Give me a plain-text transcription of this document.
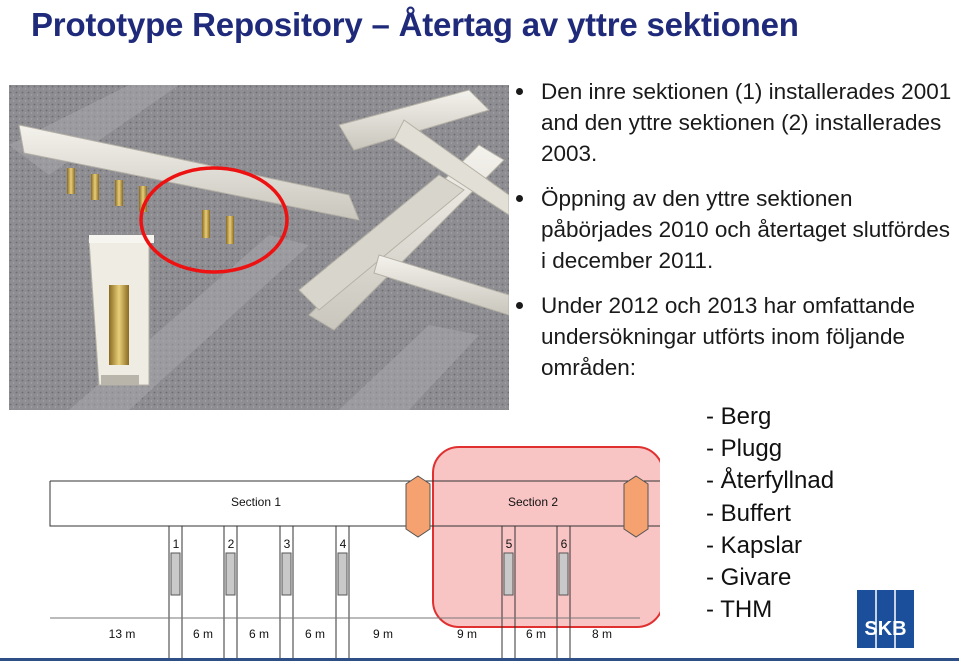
Prototype Repository – Återtag av yttre sektionen
Den inre sektionen (1) installerades 2001 and den yttre sektionen (2) installerades 2003.
Öppning av den yttre sektionen påbörjades 2010 och återtaget slutfördes i december 2011.
Under 2012 och 2013 har omfattande undersökningar utförts inom följande områden:
- Berg
- Plugg
- Återfyllnad
- Buffert
- Kapslar
- Givare
- THM
Section 1	Section 2
1	2	3	4	5	6
13 m	6 m	6 m	6 m	9 m	9 m	6 m	8 m	SKB
